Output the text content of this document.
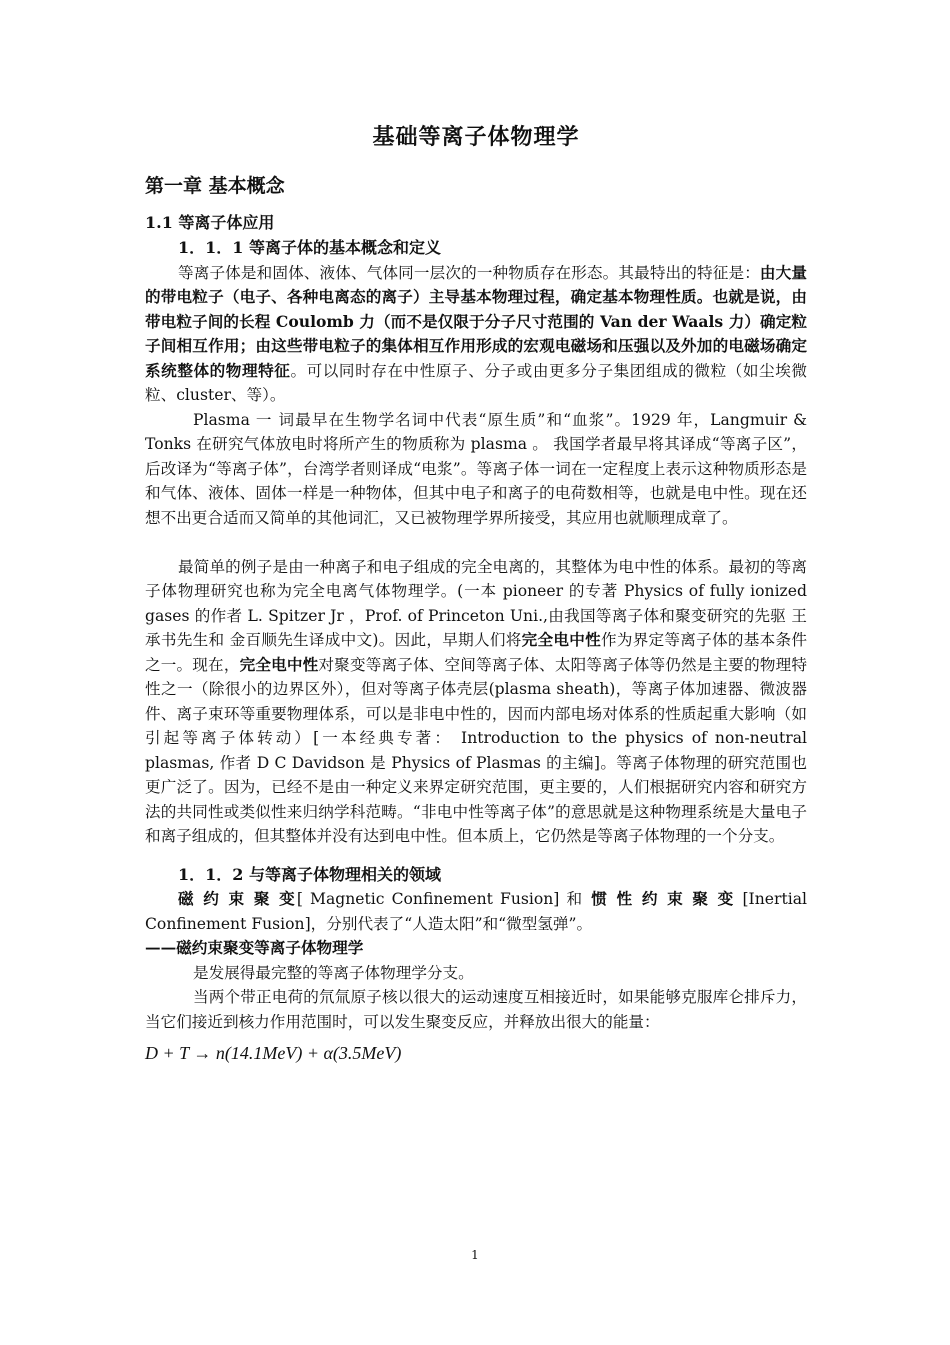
基础等离子体物理学
第一章 基本概念
1.1 等离子体应用
1．1．1 等离子体的基本概念和定义

等离子体是和固体、液体、气体同一层次的一种物质存在形态。其最特出的特征是：由大量的带电粒子（电子、各种电离态的离子）主导基本物理过程，确定基本物理性质。也就是说，由带电粒子间的长程 Coulomb 力（而不是仅限于分子尺寸范围的 Van der Waals 力）确定粒子间相互作用；由这些带电粒子的集体相互作用形成的宏观电磁场和压强以及外加的电磁场确定系统整体的物理特征。可以同时存在中性原子、分子或由更多分子集团组成的微粒（如尘埃微粒、cluster、等）。

Plasma 一 词最早在生物学名词中代表“原生质”和“血浆”。1929 年，Langmuir & Tonks 在研究气体放电时将所产生的物质称为 plasma 。 我国学者最早将其译成“等离子区”，后改译为“等离子体”，台湾学者则译成“电浆”。等离子体一词在一定程度上表示这种物质形态是和气体、液体、固体一样是一种物体，但其中电子和离子的电荷数相等，也就是电中性。现在还想不出更合适而又简单的其他词汇，又已被物理学界所接受，其应用也就顺理成章了。

最简单的例子是由一种离子和电子组成的完全电离的，其整体为电中性的体系。最初的等离子体物理研究也称为完全电离气体物理学。(一本 pioneer 的专著 Physics of fully ionized gases 的作者 L. Spitzer Jr ，Prof. of Princeton Uni.,由我国等离子体和聚变研究的先驱 王承书先生和 金百顺先生译成中文)。因此，早期人们将完全电中性作为界定等离子体的基本条件之一。现在，完全电中性对聚变等离子体、空间等离子体、太阳等离子体等仍然是主要的物理特性之一（除很小的边界区外），但对等离子体壳层(plasma sheath)，等离子体加速器、微波器件、离子束环等重要物理体系，可以是非电中性的，因而内部电场对体系的性质起重大影响（如引起等离子体转动）[一本经典专著： Introduction to the physics of non-neutral plasmas, 作者 D C Davidson 是 Physics of Plasmas 的主编]。等离子体物理的研究范围也更广泛了。因为，已经不是由一种定义来界定研究范围，更主要的，人们根据研究内容和研究方法的共同性或类似性来归纳学科范畴。“非电中性等离子体”的意思就是这种物理系统是大量电子和离子组成的，但其整体并没有达到电中性。但本质上，它仍然是等离子体物理的一个分支。

1．1．2 与等离子体物理相关的领域

磁 约 束 聚 变[ Magnetic Confinement Fusion] 和 惯 性 约 束 聚 变 [Inertial Confinement Fusion]，分别代表了“人造太阳”和“微型氢弹”。

——磁约束聚变等离子体物理学

是发展得最完整的等离子体物理学分支。

当两个带正电荷的氘氚原子核以很大的运动速度互相接近时，如果能够克服库仑排斥力，当它们接近到核力作用范围时，可以发生聚变反应，并释放出很大的能量：

D + T → n(14.1MeV) + α(3.5MeV)
1
